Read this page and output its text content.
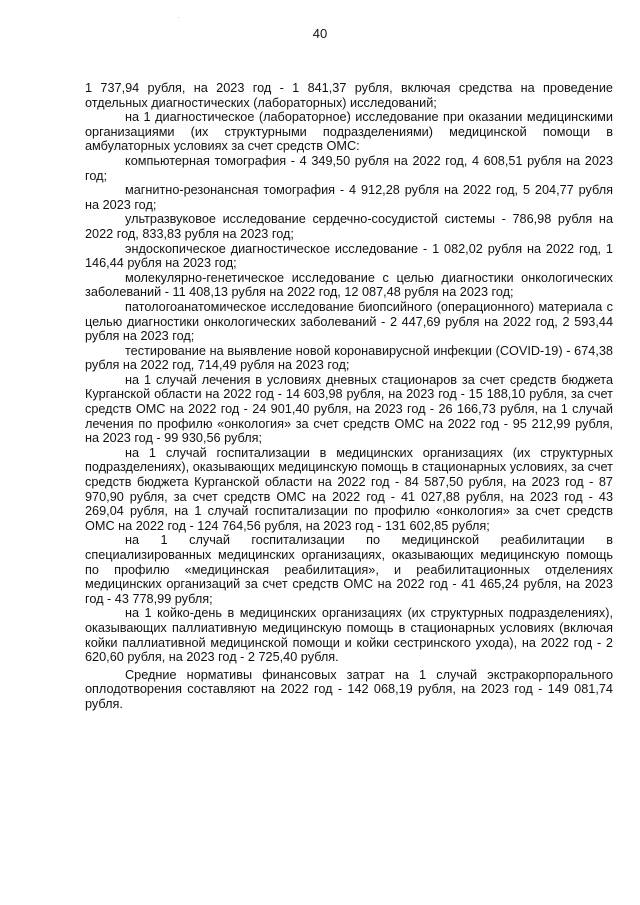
40

1 737,94 рубля, на 2023 год - 1 841,37 рубля, включая средства на проведение отдельных диагностических (лабораторных) исследований;

на 1 диагностическое (лабораторное) исследование при оказании медицинскими организациями (их структурными подразделениями) медицинской помощи в амбулаторных условиях за счет средств ОМС:

компьютерная томография - 4 349,50 рубля на 2022 год, 4 608,51 рубля на 2023 год;

магнитно-резонансная томография - 4 912,28 рубля на 2022 год, 5 204,77 рубля на 2023 год;

ультразвуковое исследование сердечно-сосудистой системы - 786,98 рубля на 2022 год, 833,83 рубля на 2023 год;

эндоскопическое диагностическое исследование - 1 082,02 рубля на 2022 год, 1 146,44 рубля на 2023 год;

молекулярно-генетическое исследование с целью диагностики онкологических заболеваний - 11 408,13 рубля на 2022 год, 12 087,48 рубля на 2023 год;

патологоанатомическое исследование биопсийного (операционного) материала с целью диагностики онкологических заболеваний - 2 447,69 рубля на 2022 год, 2 593,44 рубля на 2023 год;

тестирование на выявление новой коронавирусной инфекции (COVID-19) - 674,38 рубля на 2022 год, 714,49 рубля на 2023 год;

на 1 случай лечения в условиях дневных стационаров за счет средств бюджета Курганской области на 2022 год - 14 603,98 рубля, на 2023 год - 15 188,10 рубля, за счет средств ОМС на 2022 год - 24 901,40 рубля, на 2023 год - 26 166,73 рубля, на 1 случай лечения по профилю «онкология» за счет средств ОМС на 2022 год - 95 212,99 рубля, на 2023 год - 99 930,56 рубля;

на 1 случай госпитализации в медицинских организациях (их структурных подразделениях), оказывающих медицинскую помощь в стационарных условиях, за счет средств бюджета Курганской области на 2022 год - 84 587,50 рубля, на 2023 год - 87 970,90 рубля, за счет средств ОМС на 2022 год - 41 027,88 рубля, на 2023 год - 43 269,04 рубля, на 1 случай госпитализации по профилю «онкология» за счет средств ОМС на 2022 год - 124 764,56 рубля, на 2023 год - 131 602,85 рубля;

на 1 случай госпитализации по медицинской реабилитации в специализированных медицинских организациях, оказывающих медицинскую помощь по профилю «медицинская реабилитация», и реабилитационных отделениях медицинских организаций за счет средств ОМС на 2022 год - 41 465,24 рубля, на 2023 год - 43 778,99 рубля;

на 1 койко-день в медицинских организациях (их структурных подразделениях), оказывающих паллиативную медицинскую помощь в стационарных условиях (включая койки паллиативной медицинской помощи и койки сестринского ухода), на 2022 год - 2 620,60 рубля, на 2023 год - 2 725,40 рубля.

Средние нормативы финансовых затрат на 1 случай экстракорпорального оплодотворения составляют на 2022 год - 142 068,19 рубля, на 2023 год - 149 081,74 рубля.
